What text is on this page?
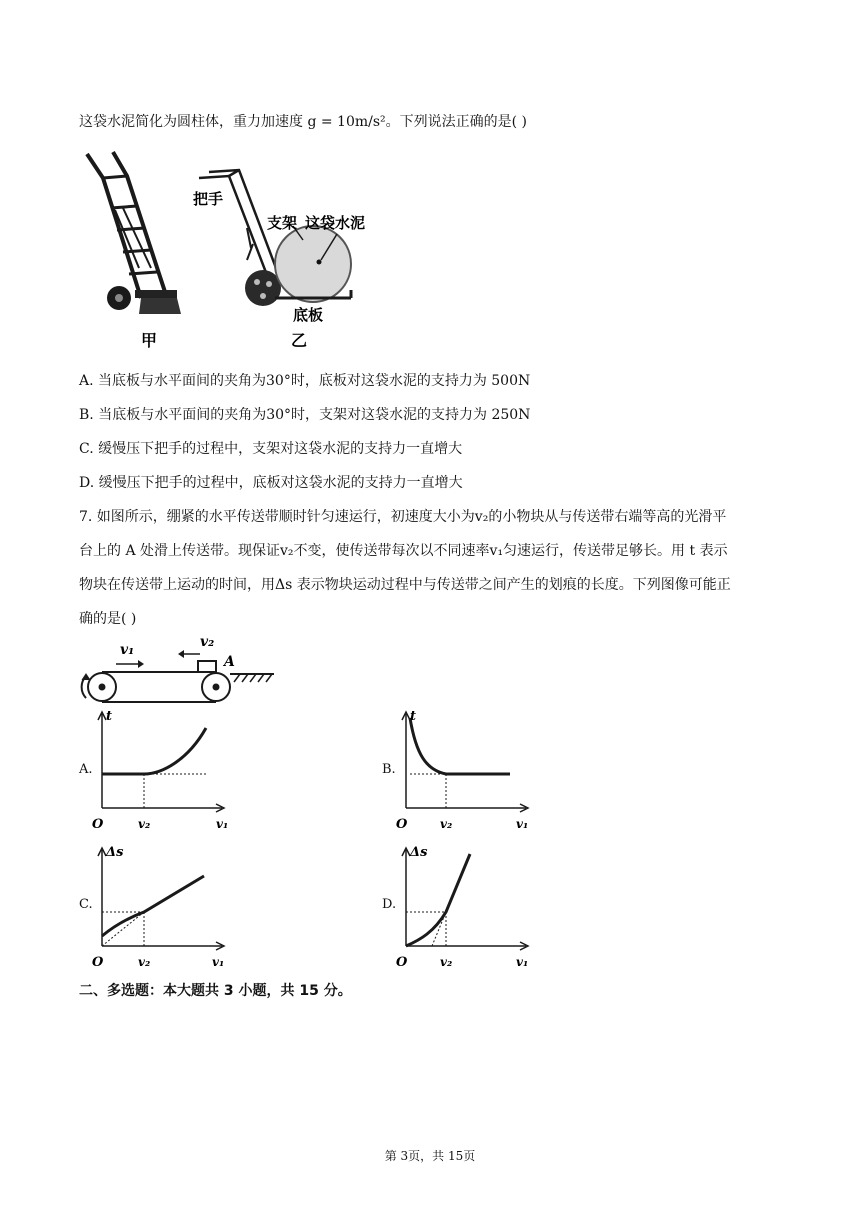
这袋水泥简化为圆柱体，重力加速度 g = 10m/s²。下列说法正确的是( )
甲	乙
把手
支架 这袋水泥
底板
A. 当底板与水平面间的夹角为30°时，底板对这袋水泥的支持力为 500N
B. 当底板与水平面间的夹角为30°时，支架对这袋水泥的支持力为 250N
C. 缓慢压下把手的过程中，支架对这袋水泥的支持力一直增大
D. 缓慢压下把手的过程中，底板对这袋水泥的支持力一直增大
7. 如图所示，绷紧的水平传送带顺时针匀速运行，初速度大小为v₂的小物块从与传送带右端等高的光滑平
台上的 A 处滑上传送带。现保证v₂不变，使传送带每次以不同速率v₁匀速运行，传送带足够长。用 t 表示
物块在传送带上运动的时间，用Δs 表示物块运动过程中与传送带之间产生的划痕的长度。下列图像可能正
确的是( )
v₁	v₂
A
A.	B.
C.	D.
t
O	v₂	v₁
t
O	v₂	v₁
Δs
O	v₂	v₁
Δs
O	v₂	v₁
二、多选题：本大题共 3 小题，共 15 分。
第 3页，共 15页
